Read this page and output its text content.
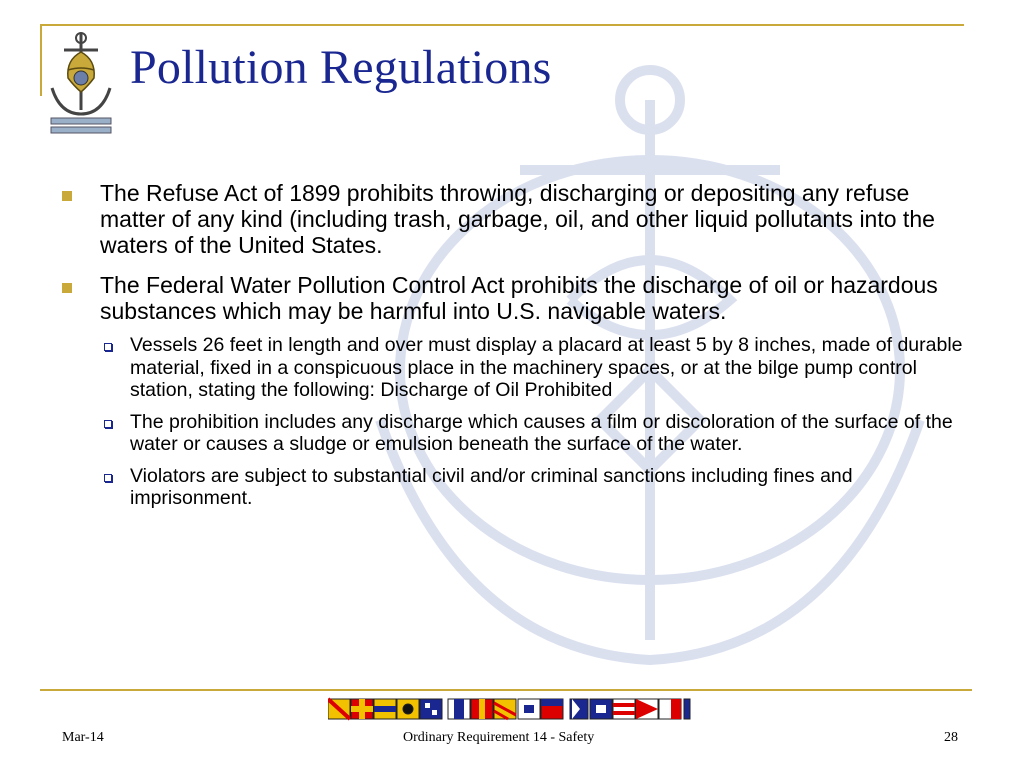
Pollution Regulations
The Refuse Act of 1899 prohibits throwing, discharging or depositing any refuse matter of any kind (including trash, garbage, oil, and other liquid pollutants into the waters of the United States.
The Federal Water Pollution Control Act prohibits the discharge of oil or hazardous substances which may be harmful into U.S. navigable waters.
Vessels 26 feet in length and over must display a placard at least 5 by 8 inches, made of durable material, fixed in a conspicuous place in the machinery spaces, or at the bilge pump control station, stating the following: Discharge of Oil Prohibited
The prohibition includes any discharge which causes a film or discoloration of the surface of the water or causes a sludge or emulsion beneath the surface of the water.
Violators are subject to substantial civil and/or criminal sanctions including fines and imprisonment.
Mar-14	Ordinary Requirement 14 - Safety	28
